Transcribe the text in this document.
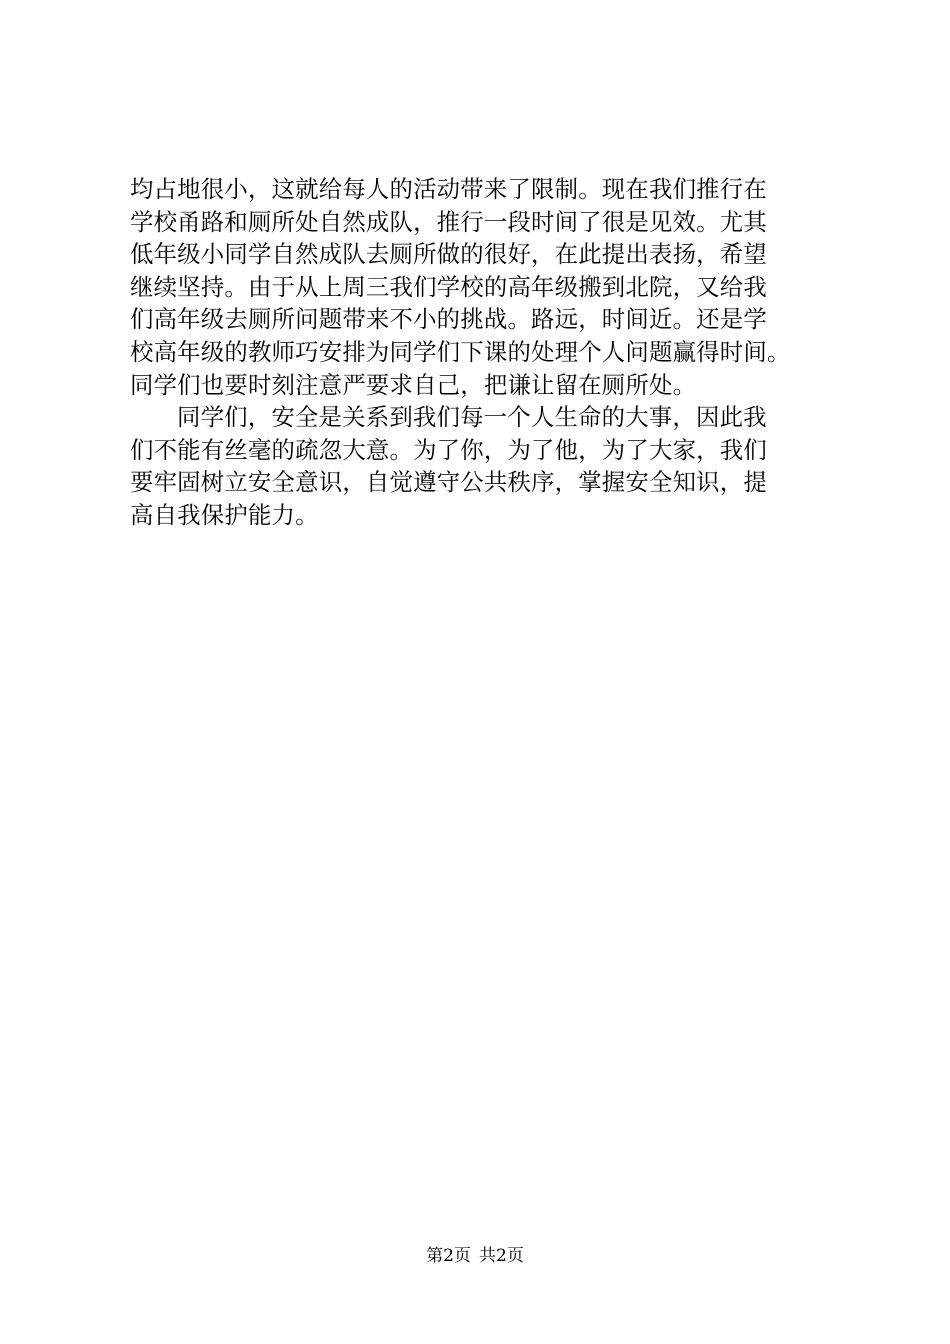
均占地很小，这就给每人的活动带来了限制。现在我们推行在
学校甬路和厕所处自然成队，推行一段时间了很是见效。尤其
低年级小同学自然成队去厕所做的很好，在此提出表扬，希望
继续坚持。由于从上周三我们学校的高年级搬到北院，又给我
们高年级去厕所问题带来不小的挑战。路远，时间近。还是学
校高年级的教师巧安排为同学们下课的处理个人问题赢得时间。
同学们也要时刻注意严要求自己，把谦让留在厕所处。
同学们，安全是关系到我们每一个人生命的大事，因此我
们不能有丝毫的疏忽大意。为了你，为了他，为了大家，我们
要牢固树立安全意识，自觉遵守公共秩序，掌握安全知识，提
高自我保护能力。
第2页 共2页
